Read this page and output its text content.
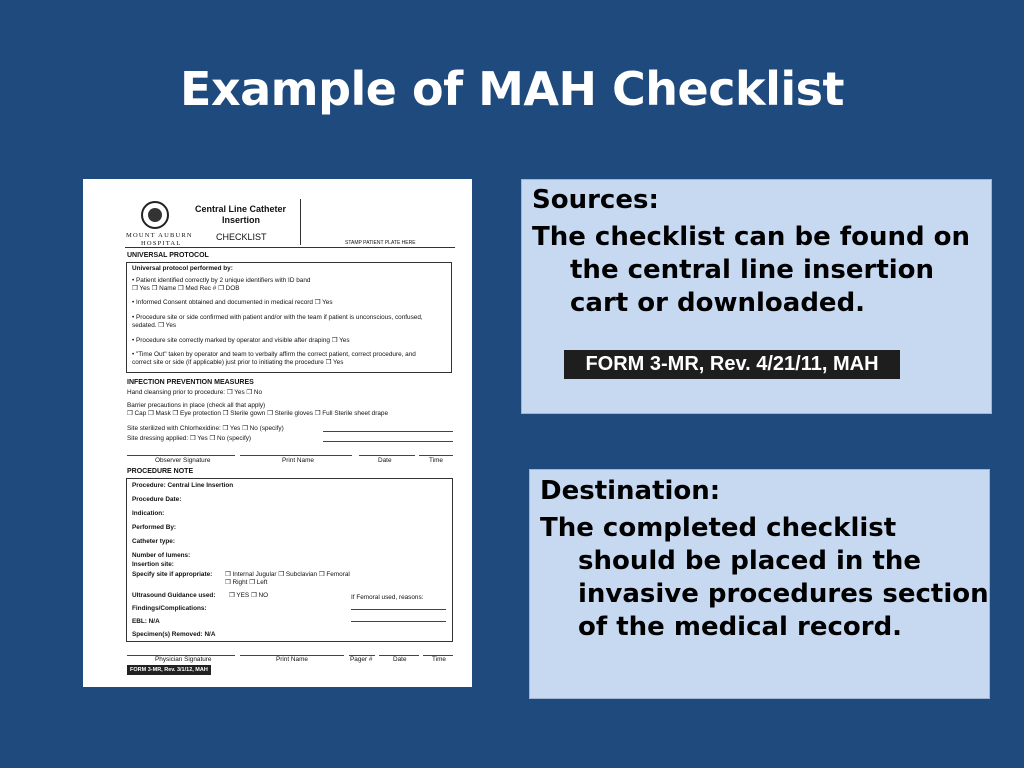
Example of MAH Checklist
MOUNT AUBURN
HOSPITAL
Central Line Catheter
Insertion
CHECKLIST
STAMP PATIENT PLATE HERE
UNIVERSAL PROTOCOL
Universal protocol performed by:
• Patient identified correctly by 2 unique identifiers with ID band
❒ Yes ❒ Name ❒ Med Rec # ❒ DOB
• Informed Consent obtained and documented in medical record ❒ Yes
• Procedure site or side confirmed with patient and/or with the team if patient is unconscious, confused,
sedated. ❒ Yes
• Procedure site correctly marked by operator and visible after draping ❒ Yes
• "Time Out" taken by operator and team to verbally affirm the correct patient, correct procedure, and
correct site or side (if applicable) just prior to initiating the procedure ❒ Yes
INFECTION PREVENTION MEASURES
Hand cleansing prior to procedure: ❒ Yes ❒ No
Barrier precautions in place (check all that apply)
❒ Cap ❒ Mask ❒ Eye protection ❒ Sterile gown ❒ Sterile gloves ❒ Full Sterile sheet drape
Site sterilized with Chlorhexidine: ❒ Yes ❒ No (specify)
Site dressing applied: ❒ Yes ❒ No (specify)
Observer Signature	Print Name	Date	Time
PROCEDURE NOTE
Procedure: Central Line Insertion
Procedure Date:
Indication:
Performed By:
Catheter type:
Number of lumens:
Insertion site:
Specify site if appropriate: ❒ Internal Jugular ❒ Subclavian ❒ Femoral
❒ Right ❒ Left
Ultrasound Guidance used: ❒ YES ❒ NO	If Femoral used, reasons:
Findings/Complications:
EBL: N/A
Specimen(s) Removed: N/A
Physician Signature	Print Name	Pager #	Date	Time
FORM 3-MR, Rev. 3/1/12, MAH
Sources:
The checklist can be found on the central line insertion cart or downloaded.
FORM 3-MR, Rev. 4/21/11, MAH
Destination:
The completed checklist should be placed in the invasive procedures section of the medical record.
